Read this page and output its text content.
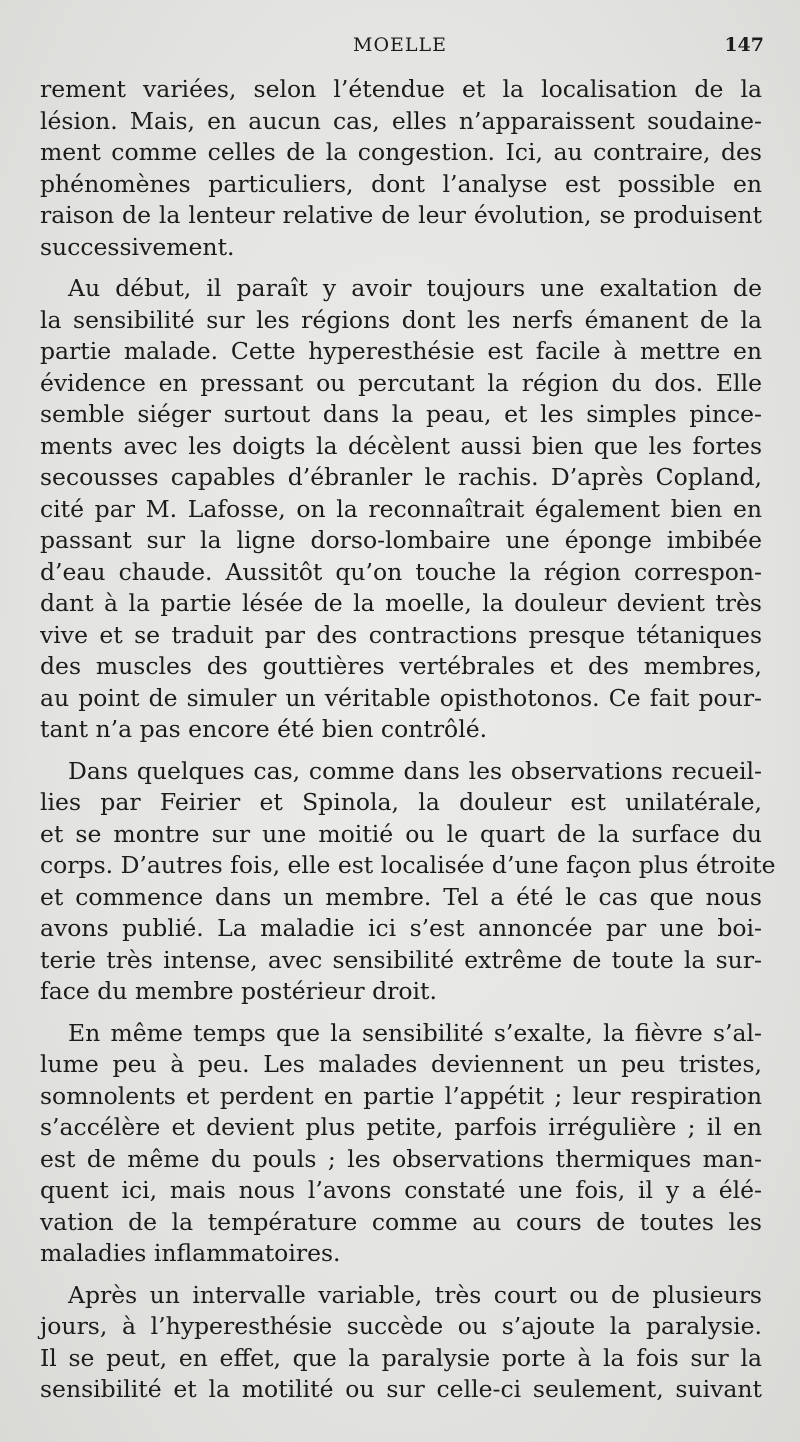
MOELLE	147
rement variées, selon l’étendue et la localisation de la
lésion. Mais, en aucun cas, elles n’apparaissent soudaine-
ment comme celles de la congestion. Ici, au contraire, des
phénomènes particuliers, dont l’analyse est possible en
raison de la lenteur relative de leur évolution, se produisent
successivement.
Au début, il paraît y avoir toujours une exaltation de
la sensibilité sur les régions dont les nerfs émanent de la
partie malade. Cette hyperesthésie est facile à mettre en
évidence en pressant ou percutant la région du dos. Elle
semble siéger surtout dans la peau, et les simples pince-
ments avec les doigts la décèlent aussi bien que les fortes
secousses capables d’ébranler le rachis. D’après Copland,
cité par M. Lafosse, on la reconnaîtrait également bien en
passant sur la ligne dorso-lombaire une éponge imbibée
d’eau chaude. Aussitôt qu’on touche la région correspon-
dant à la partie lésée de la moelle, la douleur devient très
vive et se traduit par des contractions presque tétaniques
des muscles des gouttières vertébrales et des membres,
au point de simuler un véritable opisthotonos. Ce fait pour-
tant n’a pas encore été bien contrôlé.
Dans quelques cas, comme dans les observations recueil-
lies par Feirier et Spinola, la douleur est unilatérale,
et se montre sur une moitié ou le quart de la surface du
corps. D’autres fois, elle est localisée d’une façon plus étroite
et commence dans un membre. Tel a été le cas que nous
avons publié. La maladie ici s’est annoncée par une boi-
terie très intense, avec sensibilité extrême de toute la sur-
face du membre postérieur droit.
En même temps que la sensibilité s’exalte, la fièvre s’al-
lume peu à peu. Les malades deviennent un peu tristes,
somnolents et perdent en partie l’appétit ; leur respiration
s’accélère et devient plus petite, parfois irrégulière ; il en
est de même du pouls ; les observations thermiques man-
quent ici, mais nous l’avons constaté une fois, il y a élé-
vation de la température comme au cours de toutes les
maladies inflammatoires.
Après un intervalle variable, très court ou de plusieurs
jours, à l’hyperesthésie succède ou s’ajoute la paralysie.
Il se peut, en effet, que la paralysie porte à la fois sur la
sensibilité et la motilité ou sur celle-ci seulement, suivant
